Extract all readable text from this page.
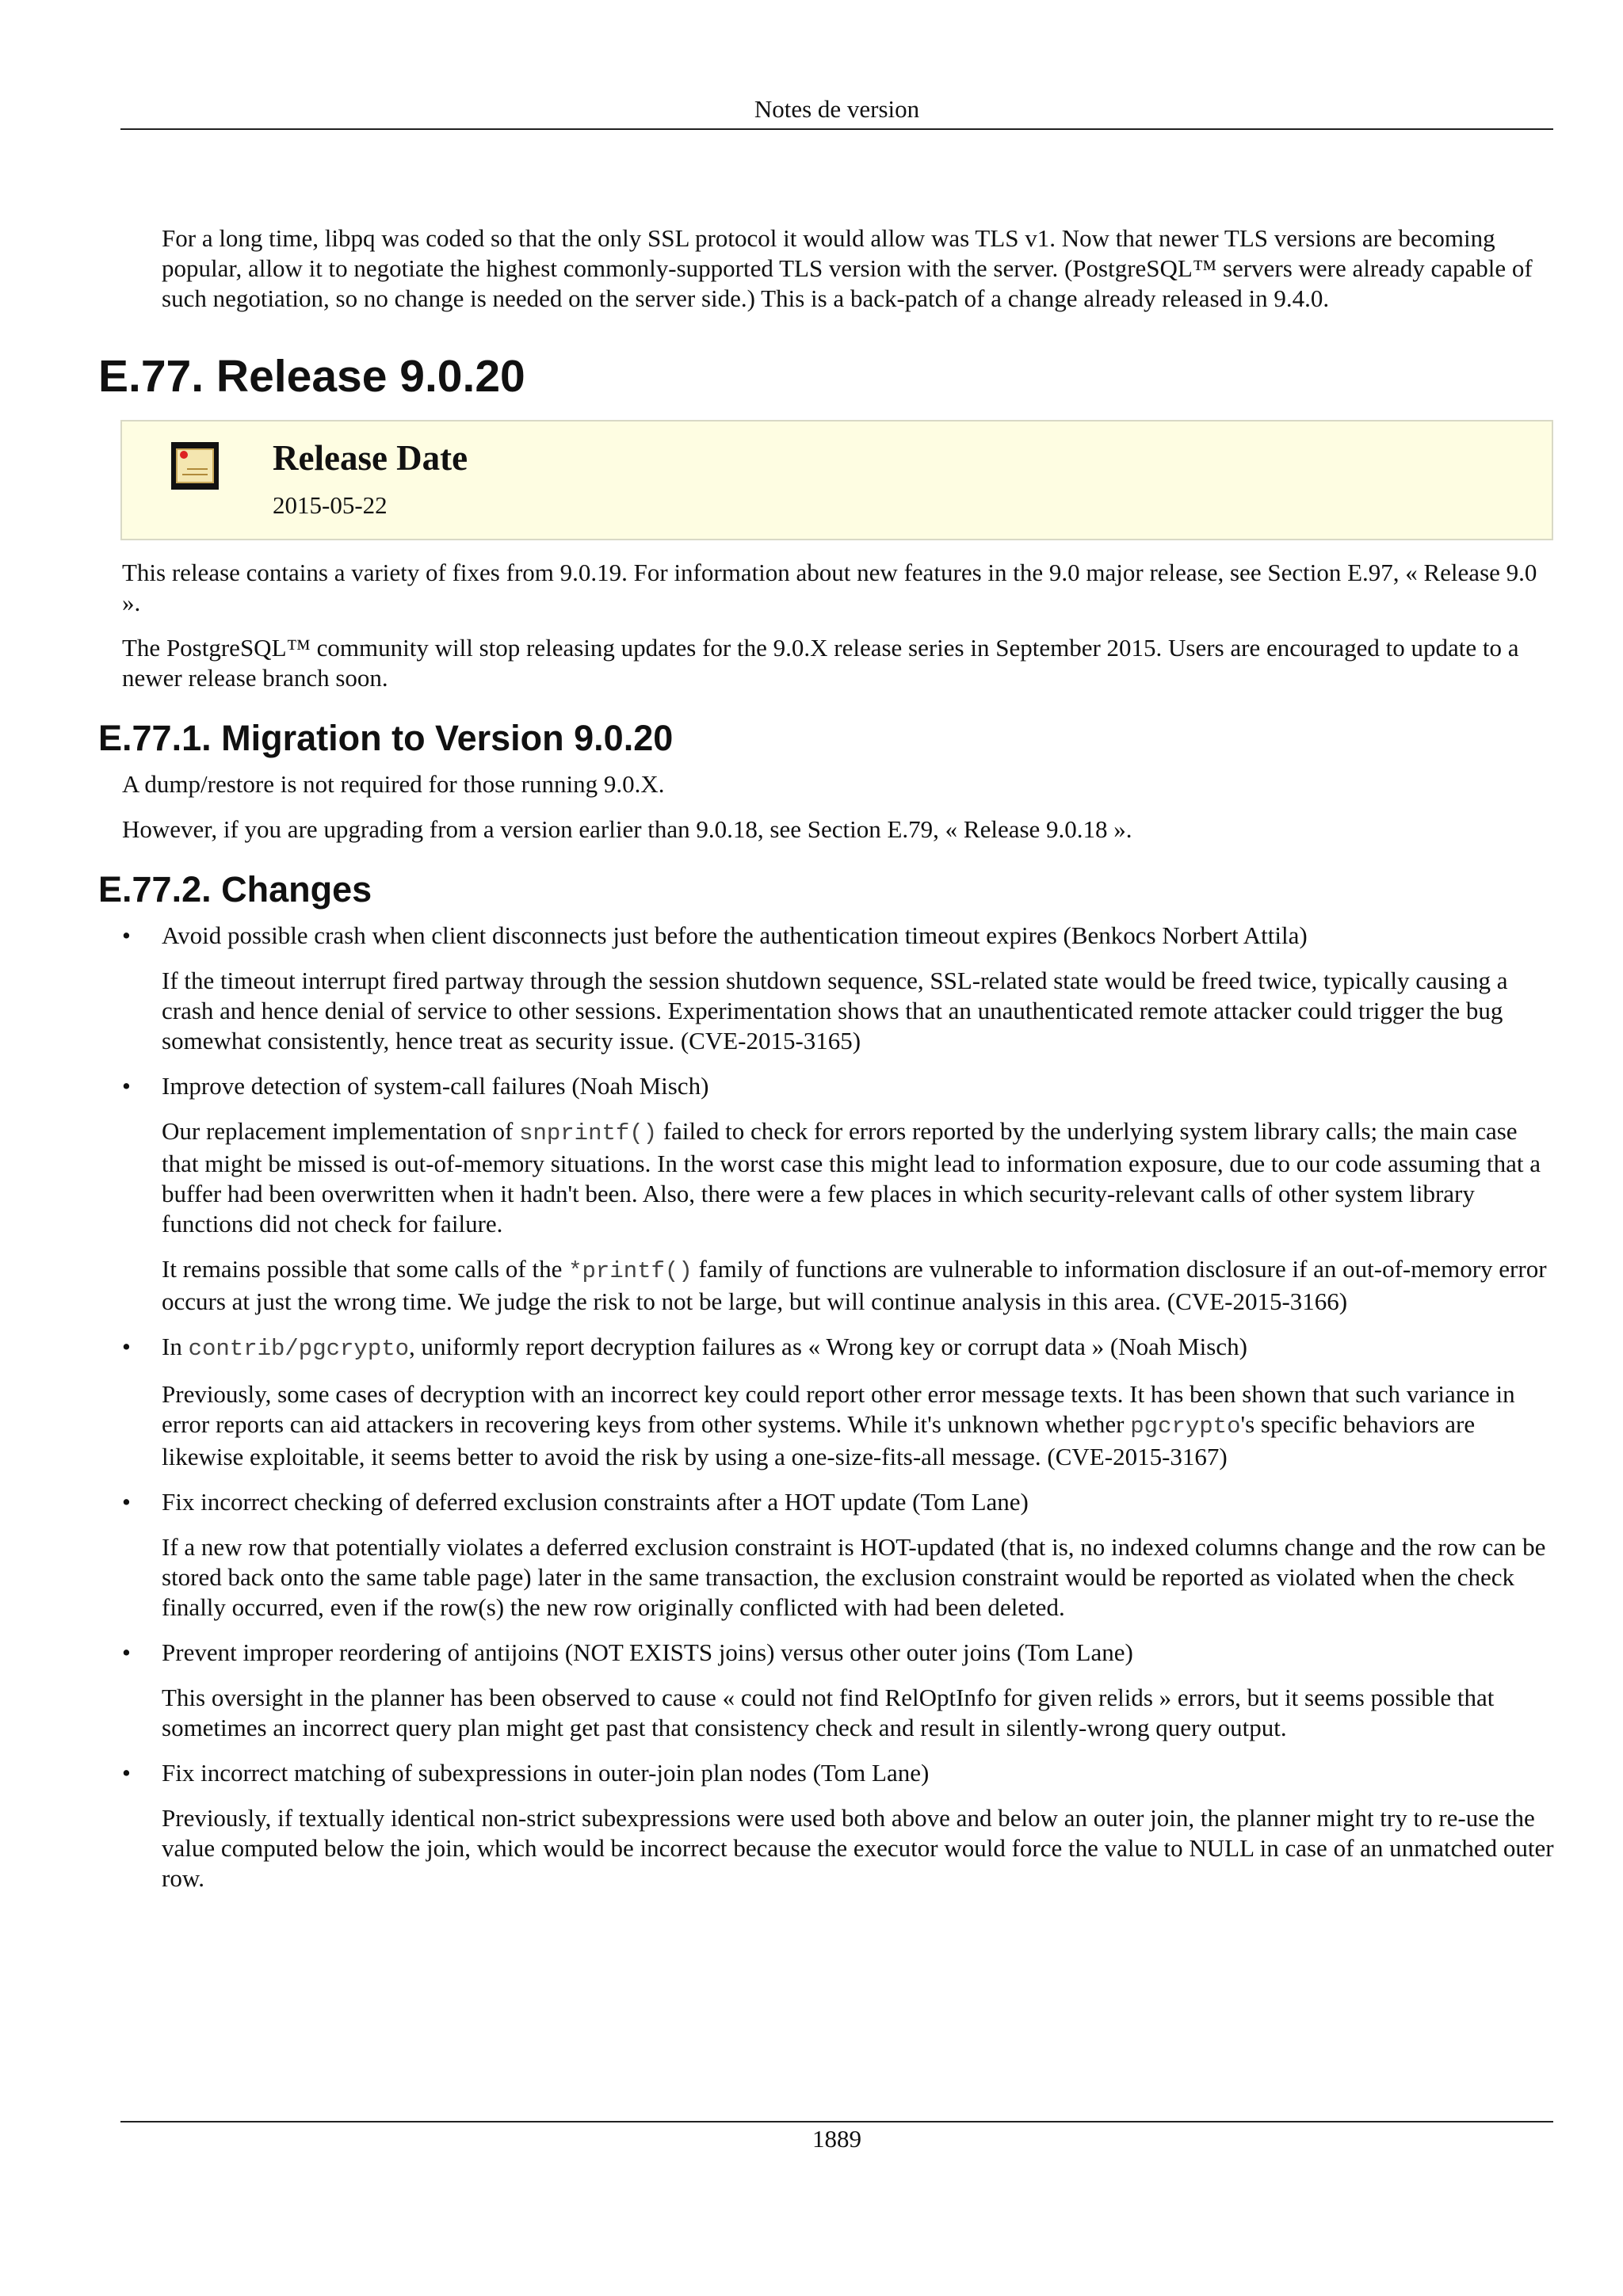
Notes de version

For a long time, libpq was coded so that the only SSL protocol it would allow was TLS v1. Now that newer TLS versions are becoming popular, allow it to negotiate the highest commonly-supported TLS version with the server. (PostgreSQL™ servers were already capable of such negotiation, so no change is needed on the server side.) This is a back-patch of a change already released in 9.4.0.

E.77. Release 9.0.20
Release Date
2015-05-22

This release contains a variety of fixes from 9.0.19. For information about new features in the 9.0 major release, see Section E.97, « Release 9.0 ».

The PostgreSQL™ community will stop releasing updates for the 9.0.X release series in September 2015. Users are encouraged to update to a newer release branch soon.

E.77.1. Migration to Version 9.0.20

A dump/restore is not required for those running 9.0.X.

However, if you are upgrading from a version earlier than 9.0.18, see Section E.79, « Release 9.0.18 ».

E.77.2. Changes
• Avoid possible crash when client disconnects just before the authentication timeout expires (Benkocs Norbert Attila)

If the timeout interrupt fired partway through the session shutdown sequence, SSL-related state would be freed twice, typically causing a crash and hence denial of service to other sessions. Experimentation shows that an unauthenticated remote attacker could trigger the bug somewhat consistently, hence treat as security issue. (CVE-2015-3165)

• Improve detection of system-call failures (Noah Misch)

Our replacement implementation of snprintf() failed to check for errors reported by the underlying system library calls; the main case that might be missed is out-of-memory situations. In the worst case this might lead to information exposure, due to our code assuming that a buffer had been overwritten when it hadn't been. Also, there were a few places in which security-relevant calls of other system library functions did not check for failure.

It remains possible that some calls of the *printf() family of functions are vulnerable to information disclosure if an out-of-memory error occurs at just the wrong time. We judge the risk to not be large, but will continue analysis in this area. (CVE-2015-3166)

• In contrib/pgcrypto, uniformly report decryption failures as « Wrong key or corrupt data » (Noah Misch)

Previously, some cases of decryption with an incorrect key could report other error message texts. It has been shown that such variance in error reports can aid attackers in recovering keys from other systems. While it's unknown whether pgcrypto's specific behaviors are likewise exploitable, it seems better to avoid the risk by using a one-size-fits-all message. (CVE-2015-3167)

• Fix incorrect checking of deferred exclusion constraints after a HOT update (Tom Lane)

If a new row that potentially violates a deferred exclusion constraint is HOT-updated (that is, no indexed columns change and the row can be stored back onto the same table page) later in the same transaction, the exclusion constraint would be reported as violated when the check finally occurred, even if the row(s) the new row originally conflicted with had been deleted.

• Prevent improper reordering of antijoins (NOT EXISTS joins) versus other outer joins (Tom Lane)

This oversight in the planner has been observed to cause « could not find RelOptInfo for given relids » errors, but it seems possible that sometimes an incorrect query plan might get past that consistency check and result in silently-wrong query output.

• Fix incorrect matching of subexpressions in outer-join plan nodes (Tom Lane)

Previously, if textually identical non-strict subexpressions were used both above and below an outer join, the planner might try to re-use the value computed below the join, which would be incorrect because the executor would force the value to NULL in case of an unmatched outer row.

1889
